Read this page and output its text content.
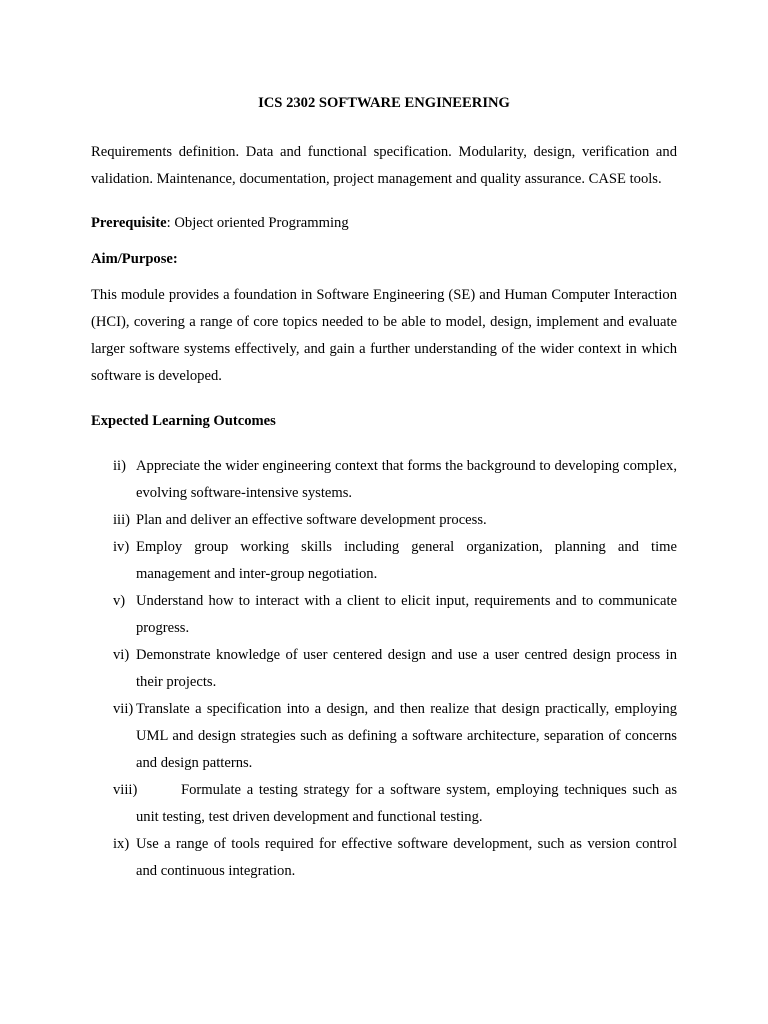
ICS 2302 SOFTWARE ENGINEERING

Requirements definition. Data and functional specification. Modularity, design, verification and validation. Maintenance, documentation, project management and quality assurance. CASE tools.

Prerequisite: Object oriented Programming

Aim/Purpose:

This module provides a foundation in Software Engineering (SE) and Human Computer Interaction (HCI), covering a range of core topics needed to be able to model, design, implement and evaluate larger software systems effectively, and gain a further understanding of the wider context in which software is developed.

Expected Learning Outcomes

ii) Appreciate the wider engineering context that forms the background to developing complex, evolving software-intensive systems.
iii) Plan and deliver an effective software development process.
iv) Employ group working skills including general organization, planning and time management and inter-group negotiation.
v) Understand how to interact with a client to elicit input, requirements and to communicate progress.
vi) Demonstrate knowledge of user centered design and use a user centred design process in their projects.
vii) Translate a specification into a design, and then realize that design practically, employing UML and design strategies such as defining a software architecture, separation of concerns and design patterns.
viii)	Formulate a testing strategy for a software system, employing techniques such as unit testing, test driven development and functional testing.
ix) Use a range of tools required for effective software development, such as version control and continuous integration.
